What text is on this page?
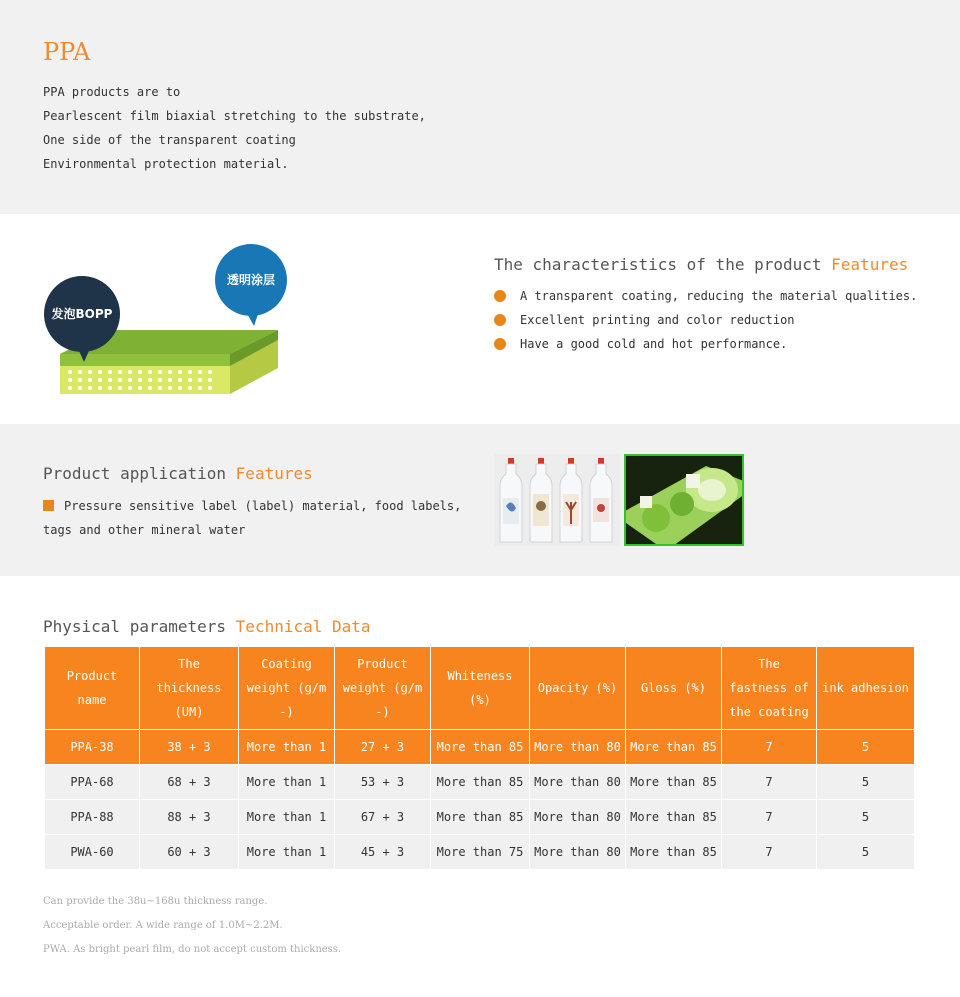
PPA
PPA products are to
Pearlescent film biaxial stretching to the substrate,
One side of the transparent coating
Environmental protection material.
发泡BOPP
透明涂层
The characteristics of the product Features
A transparent coating, reducing the material qualities.
Excellent printing and color reduction
Have a good cold and hot performance.
Product application Features

Pressure sensitive label (label) material, food labels, tags and other mineral water

Physical parameters Technical Data
Product name	The thickness (UM)	Coating weight (g/m -)	Product weight (g/m -)	Whiteness (%)	Opacity (%)	Gloss (%)	The fastness of the coating	ink adhesion
PPA-38	38 + 3	More than 1	27 + 3	More than 85	More than 80	More than 85	7	5
PPA-68	68 + 3	More than 1	53 + 3	More than 85	More than 80	More than 85	7	5
PPA-88	88 + 3	More than 1	67 + 3	More than 85	More than 80	More than 85	7	5
PWA-60	60 + 3	More than 1	45 + 3	More than 75	More than 80	More than 85	7	5
Can provide the 38u~168u thickness range.
Acceptable order. A wide range of 1.0M~2.2M.
PWA. As bright pearl film, do not accept custom thickness.
